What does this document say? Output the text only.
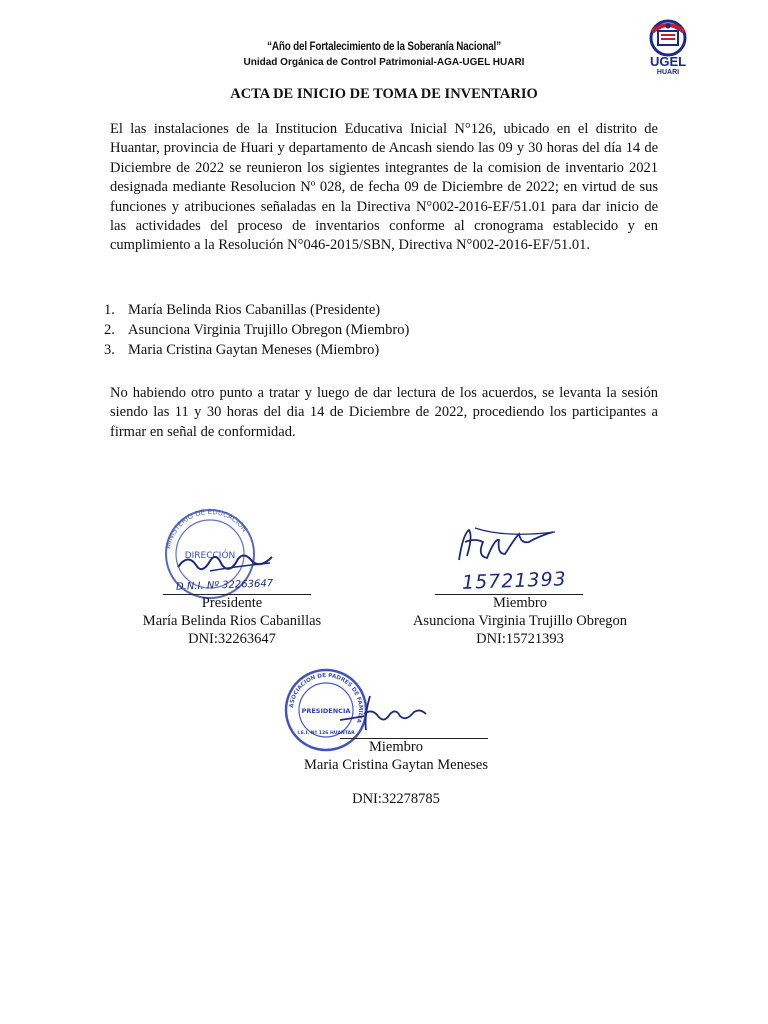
“Año del Fortalecimiento de la Soberanía Nacional”
Unidad Orgánica de Control Patrimonial-AGA-UGEL HUARI	UGEL
HUARI
ACTA DE INICIO DE TOMA DE INVENTARIO

El las instalaciones de la Institucion Educativa Inicial N°126, ubicado en el distrito de Huantar, provincia de Huari y departamento de Ancash siendo las 09 y 30 horas del día 14 de Diciembre de 2022 se reunieron los sigientes integrantes de la comision de inventario 2021 designada mediante Resolucion Nº 028, de fecha 09 de Diciembre de 2022; en virtud de sus funciones y atribuciones señaladas en la Directiva N°002-2016-EF/51.01 para dar inicio de las actividades del proceso de inventarios conforme al cronograma establecido y en cumplimiento a la Resolución N°046-2015/SBN, Directiva N°002-2016-EF/51.01.

1. María Belinda Rios Cabanillas (Presidente)
2. Asunciona Virginia Trujillo Obregon (Miembro)
3. Maria Cristina Gaytan Meneses (Miembro)

No habiendo otro punto a tratar y luego de dar lectura de los acuerdos, se levanta la sesión siendo las 11 y 30 horas del dia 14 de Diciembre de 2022, procediendo los participantes a firmar en señal de conformidad.

MINISTERIO DE EDUCACIÓN
DIRECCIÓN
D.N.I. Nº 32263647
Presidente
María Belinda Rios Cabanillas
DNI:32263647
15721393
Miembro
Asunciona Virginia Trujillo Obregon
DNI:15721393
ASOCIACIÓN DE PADRES DE FAMILIA
PRESIDENCIA
I.E.I. Nº 126 HUANTAR
Miembro
Maria Cristina Gaytan Meneses
DNI:32278785
